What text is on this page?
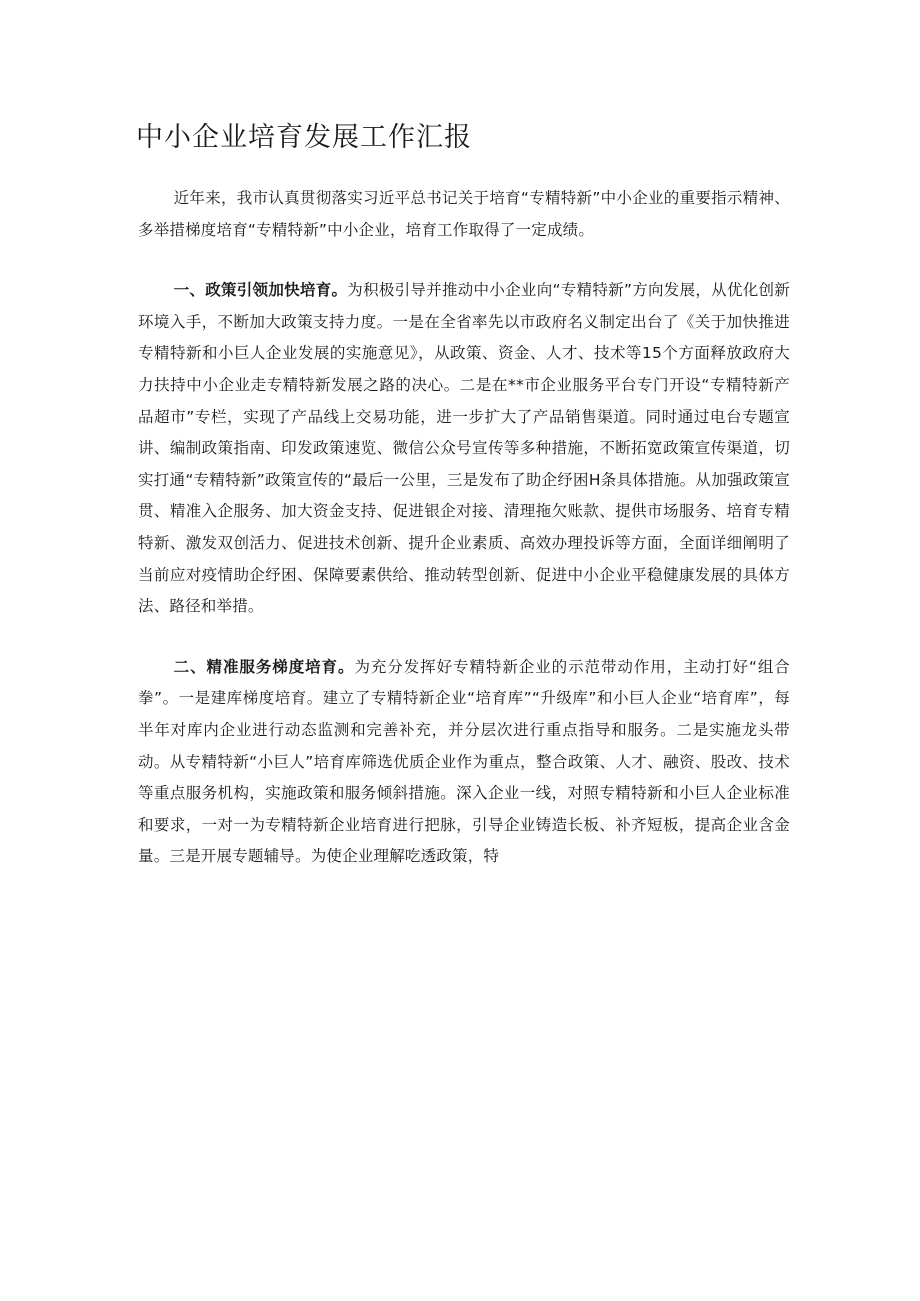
中小企业培育发展工作汇报

近年来，我市认真贯彻落实习近平总书记关于培育“专精特新”中小企业的重要指示精神、多举措梯度培育“专精特新”中小企业，培育工作取得了一定成绩。

一、政策引领加快培育。为积极引导并推动中小企业向“专精特新”方向发展，从优化创新环境入手，不断加大政策支持力度。一是在全省率先以市政府名义制定出台了《关于加快推进专精特新和小巨人企业发展的实施意见》，从政策、资金、人才、技术等15个方面释放政府大力扶持中小企业走专精特新发展之路的决心。二是在**市企业服务平台专门开设“专精特新产品超市”专栏，实现了产品线上交易功能，进一步扩大了产品销售渠道。同时通过电台专题宣讲、编制政策指南、印发政策速览、微信公众号宣传等多种措施，不断拓宽政策宣传渠道，切实打通“专精特新”政策宣传的“最后一公里，三是发布了助企纾困H条具体措施。从加强政策宣贯、精准入企服务、加大资金支持、促进银企对接、清理拖欠账款、提供市场服务、培育专精特新、激发双创活力、促进技术创新、提升企业素质、高效办理投诉等方面，全面详细阐明了当前应对疫情助企纾困、保障要素供给、推动转型创新、促进中小企业平稳健康发展的具体方法、路径和举措。

二、精准服务梯度培育。为充分发挥好专精特新企业的示范带动作用，主动打好“组合拳”。一是建库梯度培育。建立了专精特新企业“培育库”“升级库”和小巨人企业“培育库”，每半年对库内企业进行动态监测和完善补充，并分层次进行重点指导和服务。二是实施龙头带动。从专精特新“小巨人”培育库筛选优质企业作为重点，整合政策、人才、融资、股改、技术等重点服务机构，实施政策和服务倾斜措施。深入企业一线，对照专精特新和小巨人企业标准和要求，一对一为专精特新企业培育进行把脉，引导企业铸造长板、补齐短板，提高企业含金量。三是开展专题辅导。为使企业理解吃透政策，特
